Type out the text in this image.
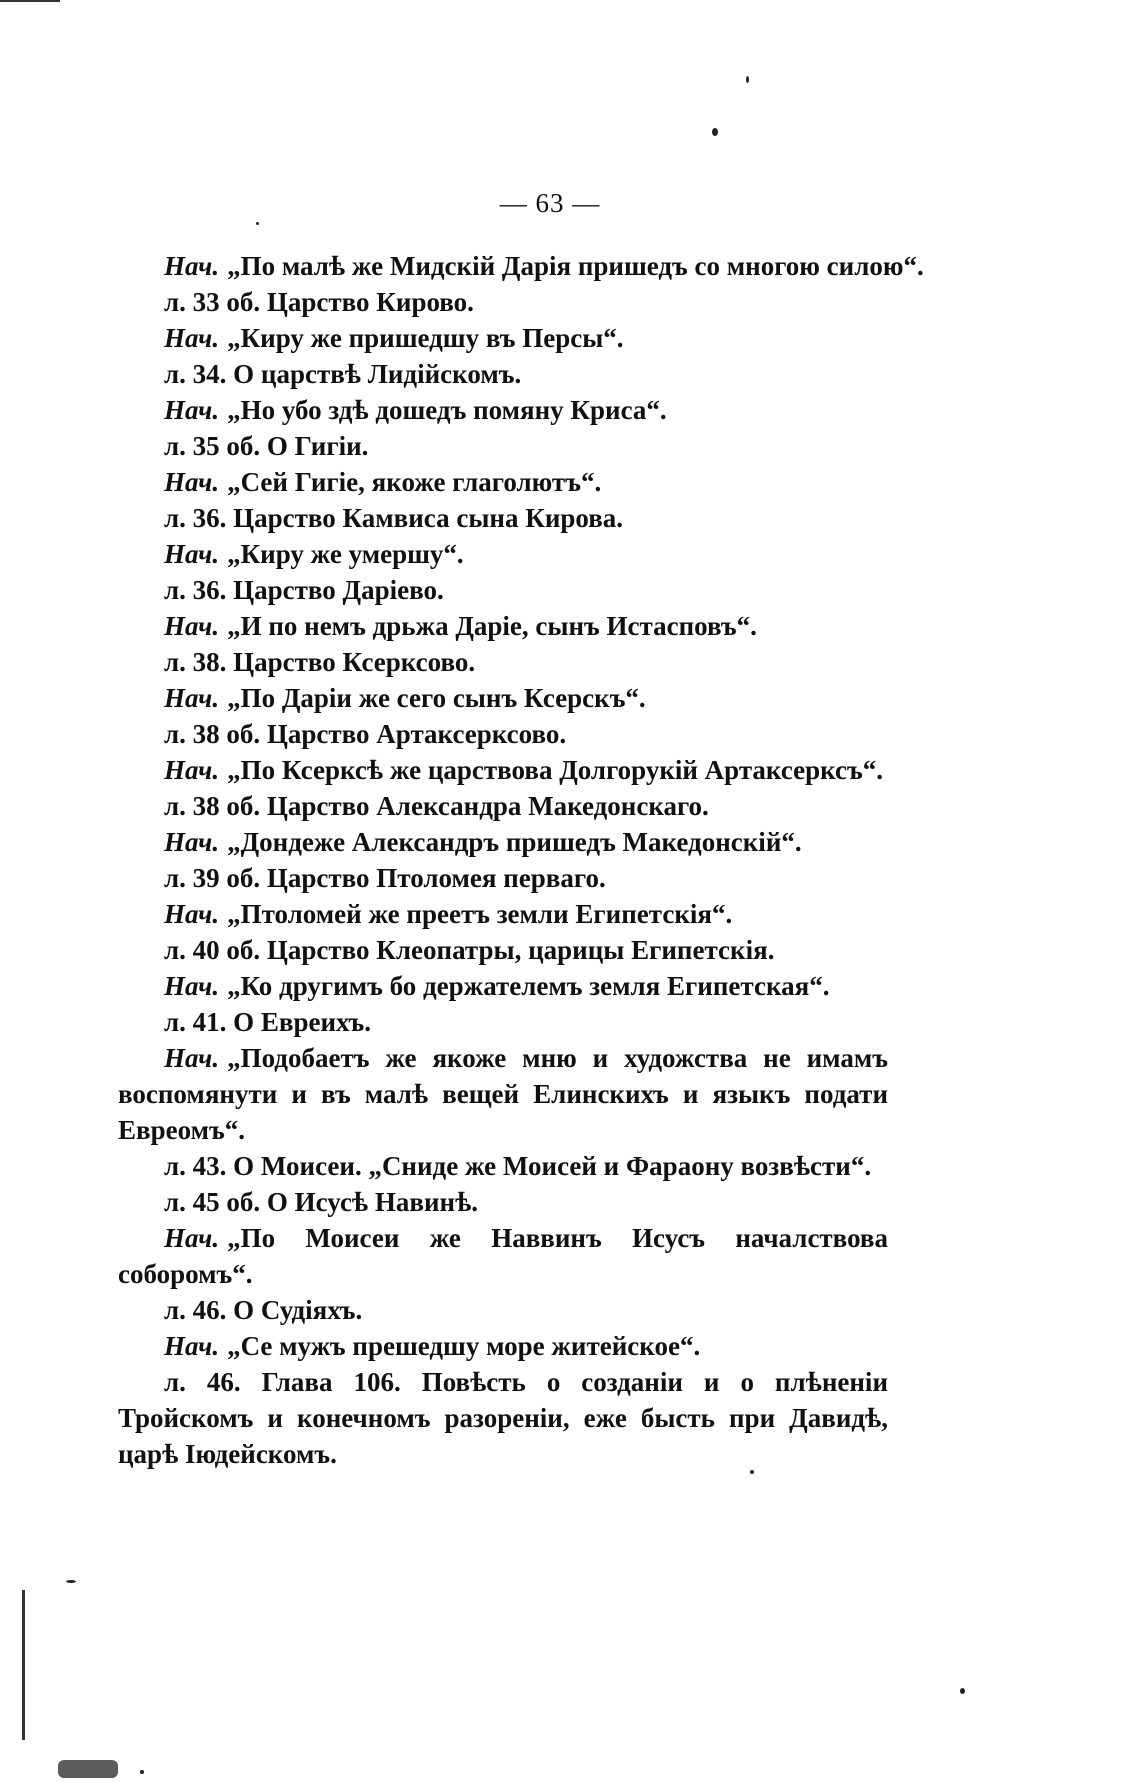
— 63 —
Нач. „По малѣ же Мидскій Дарія пришедъ со многою силою“.
л. 33 об. Царство Кирово.
Нач. „Киру же пришедшу въ Персы“.
л. 34. О царствѣ Лидійскомъ.
Нач. „Но убо здѣ дошедъ помяну Криса“.
л. 35 об. О Гигіи.
Нач. „Сей Гигіе, якоже глаголютъ“.
л. 36. Царство Камвиса сына Кирова.
Нач. „Киру же умершу“.
л. 36. Царство Даріево.
Нач. „И по немъ дрьжа Даріе, сынъ Истасповъ“.
л. 38. Царство Ксерксово.
Нач. „По Даріи же сего сынъ Ксерскъ“.
л. 38 об. Царство Артаксерксово.
Нач. „По Ксерксѣ же царствова Долгорукій Артаксерксъ“.
л. 38 об. Царство Александра Македонскаго.
Нач. „Дондеже Александръ пришедъ Македонскій“.
л. 39 об. Царство Птоломея перваго.
Нач. „Птоломей же преетъ земли Египетскія“.
л. 40 об. Царство Клеопатры, царицы Египетскія.
Нач. „Ко другимъ бо держателемъ земля Египетская“.
л. 41. О Евреихъ.
Нач. „Подобаетъ же якоже мню и художства не имамъ воспомянути и въ малѣ вещей Елинскихъ и языкъ подати Евреомъ“.
л. 43. О Моисеи. „Сниде же Моисей и Фараону возвѣсти“.
л. 45 об. О Исусѣ Навинѣ.
Нач. „По Моисеи же Наввинъ Исусъ началствова соборомъ“.
л. 46. О Судіяхъ.
Нач. „Се мужъ прешедшу море житейское“.
л. 46. Глава 106. Повѣсть о созданіи и о плѣненіи Тройскомъ и конечномъ разореніи, еже бысть при Давидѣ, царѣ Іюдейскомъ.
